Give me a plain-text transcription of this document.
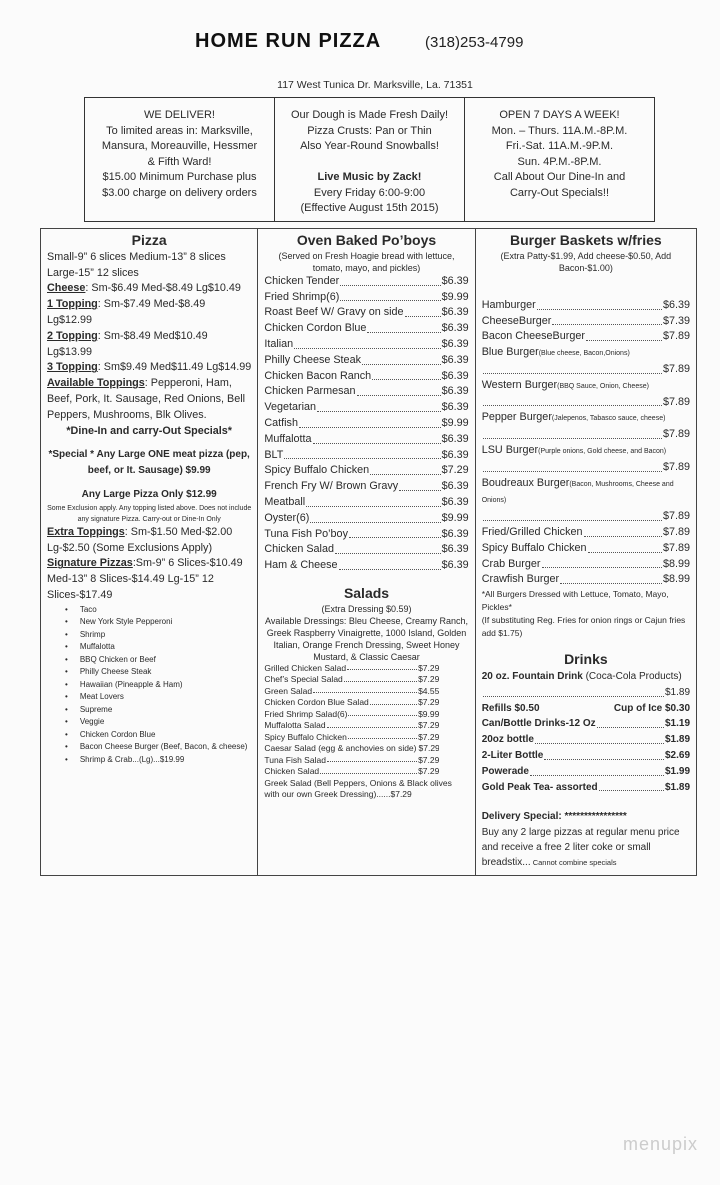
HOME RUN PIZZA	(318)253-4799
117 West Tunica Dr. Marksville, La. 71351
WE DELIVER!
To limited areas in: Marksville,
Mansura, Moreauville, Hessmer
& Fifth Ward!
$15.00 Minimum Purchase plus
$3.00 charge on delivery orders
Our Dough is Made Fresh Daily!
Pizza Crusts: Pan or Thin
Also Year-Round Snowballs!

Live Music by Zack!
Every Friday 6:00-9:00
(Effective August 15th 2015)
OPEN 7 DAYS A WEEK!
Mon. – Thurs. 11A.M.-8P.M.
Fri.-Sat. 11A.M.-9P.M.
Sun. 4P.M.-8P.M.
Call About Our Dine-In and
Carry-Out Specials!!
Pizza
Small-9” 6 slices Medium-13” 8 slices Large-15” 12 slices
Cheese: Sm-$6.49 Med-$8.49 Lg$10.49
1 Topping: Sm-$7.49 Med-$8.49 Lg$12.99
2 Topping: Sm-$8.49 Med$10.49 Lg$13.99
3 Topping: Sm$9.49 Med$11.49 Lg$14.99
Available Toppings: Pepperoni, Ham, Beef, Pork, It. Sausage, Red Onions, Bell Peppers, Mushrooms, Blk Olives.
*Dine-In and carry-Out Specials*
*Special * Any Large ONE meat pizza (pep, beef, or It. Sausage) $9.99
Any Large Pizza Only $12.99
Some Exclusion apply. Any topping listed above. Does not include any signature Pizza. Carry-out or Dine-In Only
Extra Toppings: Sm-$1.50 Med-$2.00 Lg-$2.50 (Some Exclusions Apply)
Signature Pizzas:Sm-9” 6 Slices-$10.49 Med-13” 8 Slices-$14.49 Lg-15” 12 Slices-$17.49
• Taco
• New York Style Pepperoni
• Shrimp
• Muffalotta
• BBQ Chicken or Beef
• Philly Cheese Steak
• Hawaiian (Pineapple & Ham)
• Meat Lovers
• Supreme
• Veggie
• Chicken Cordon Blue
• Bacon Cheese Burger (Beef, Bacon, & cheese)
• Shrimp & Crab...(Lg)...$19.99
Oven Baked Po’boys
(Served on Fresh Hoagie bread with lettuce, tomato, mayo, and pickles)
Chicken Tender	$6.39
Fried Shrimp(6)	$9.99
Roast Beef W/ Gravy on side	$6.39
Chicken Cordon Blue	$6.39
Italian	$6.39
Philly Cheese Steak	$6.39
Chicken Bacon Ranch	$6.39
Chicken Parmesan	$6.39
Vegetarian	$6.39
Catfish	$9.99
Muffalotta	$6.39
BLT	$6.39
Spicy Buffalo Chicken	$7.29
French Fry W/ Brown Gravy	$6.39
Meatball	$6.39
Oyster(6)	$9.99
Tuna Fish Po’boy	$6.39
Chicken Salad	$6.39
Ham & Cheese	$6.39
Salads
(Extra Dressing $0.59)
Available Dressings: Bleu Cheese, Creamy Ranch, Greek Raspberry Vinaigrette, 1000 Island, Golden Italian, Orange French Dressing, Sweet Honey Mustard, & Classic Caesar
Grilled Chicken Salad	$7.29
Chef’s Special Salad	$7.29
Green Salad	$4.55
Chicken Cordon Blue Salad	$7.29
Fried Shrimp Salad(6)	$9.99
Muffalotta Salad	$7.29
Spicy Buffalo Chicken	$7.29
Caesar Salad (egg & anchovies on side) $7.29
Tuna Fish Salad	$7.29
Chicken Salad	$7.29
Greek Salad (Bell Peppers, Onions & Black olives with our own Greek Dressing)......$7.29
Burger Baskets w/fries
(Extra Patty-$1.99, Add cheese-$0.50, Add Bacon-$1.00)
Hamburger	$6.39
CheeseBurger	$7.39
Bacon CheeseBurger	$7.89
Blue Burger(Blue cheese, Bacon,Onions)
$7.89
Western Burger(BBQ Sauce, Onion, Cheese)
$7.89
Pepper Burger(Jalepenos, Tabasco sauce, cheese)
$7.89
LSU Burger(Purple onions, Gold cheese, and Bacon)
$7.89
Boudreaux Burger(Bacon, Mushrooms, Cheese and Onions)
$7.89
Fried/Grilled Chicken	$7.89
Spicy Buffalo Chicken	$7.89
Crab Burger	$8.99
Crawfish Burger	$8.99
*All Burgers Dressed with Lettuce, Tomato, Mayo, Pickles*
(If substituting Reg. Fries for onion rings or Cajun fries add $1.75)
Drinks
20 oz. Fountain Drink (Coca-Cola Products)
$1.89
Refills $0.50	Cup of Ice $0.30
Can/Bottle Drinks-12 Oz	$1.19
20oz bottle	$1.89
2-Liter Bottle	$2.69
Powerade	$1.99
Gold Peak Tea- assorted	$1.89
Delivery Special: ****************
Buy any 2 large pizzas at regular menu price and receive a free 2 liter coke or small breadstix... Cannot combine specials
menupix
